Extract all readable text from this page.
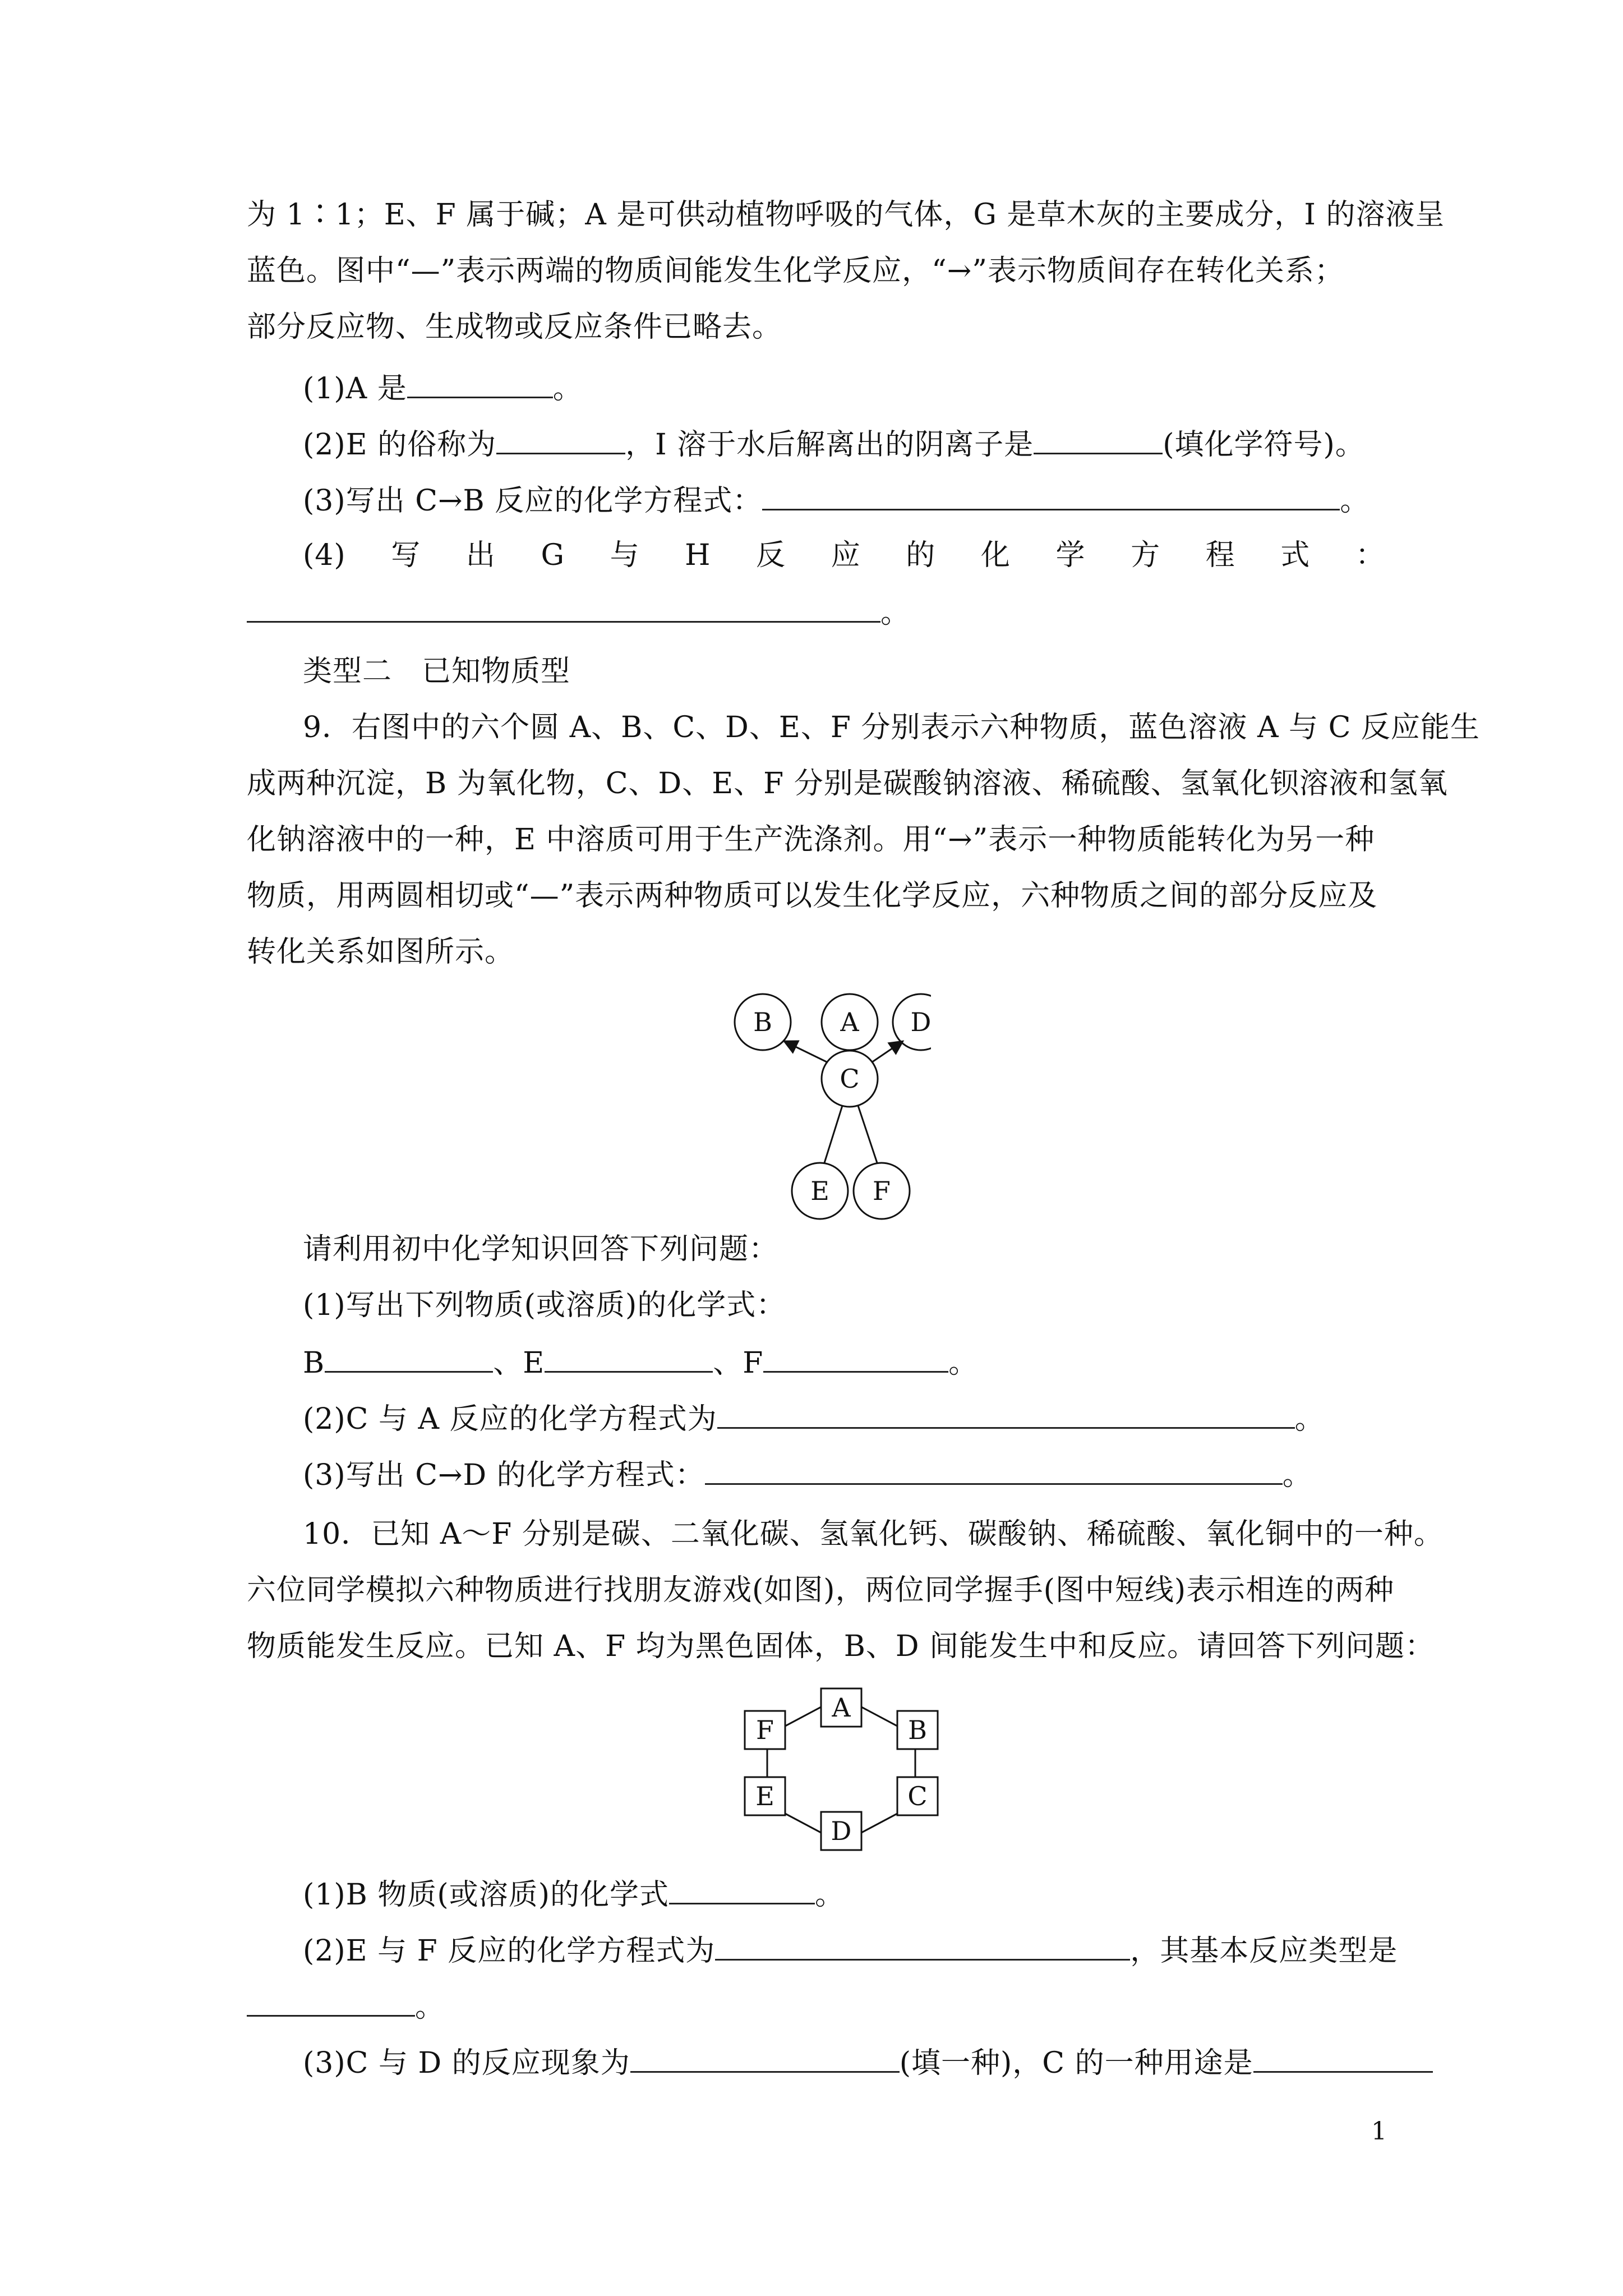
为 1∶1；E、F 属于碱；A 是可供动植物呼吸的气体，G 是草木灰的主要成分，I 的溶液呈
蓝色。图中“—”表示两端的物质间能发生化学反应，“→”表示物质间存在转化关系；
部分反应物、生成物或反应条件已略去。
(1)A 是	。
(2)E 的俗称为	，I 溶于水后解离出的阴离子是	(填化学符号)。
(3)写出 C→B 反应的化学方程式：	。
(4) 写 出 G 与 H 反 应 的 化 学 方 程 式 ：
。
类型二　已知物质型
9．右图中的六个圆 A、B、C、D、E、F 分别表示六种物质，蓝色溶液 A 与 C 反应能生
成两种沉淀，B 为氧化物，C、D、E、F 分别是碳酸钠溶液、稀硫酸、氢氧化钡溶液和氢氧
化钠溶液中的一种，E 中溶质可用于生产洗涤剂。用“→”表示一种物质能转化为另一种
物质，用两圆相切或“—”表示两种物质可以发生化学反应，六种物质之间的部分反应及
转化关系如图所示。
B	A D
C
E F
请利用初中化学知识回答下列问题：
(1)写出下列物质(或溶质)的化学式：
B	、E	、F	。
(2)C 与 A 反应的化学方程式为	。
(3)写出 C→D 的化学方程式：	。
10．已知 A～F 分别是碳、二氧化碳、氢氧化钙、碳酸钠、稀硫酸、氧化铜中的一种。
六位同学模拟六种物质进行找朋友游戏(如图)，两位同学握手(图中短线)表示相连的两种
物质能发生反应。已知 A、F 均为黑色固体，B、D 间能发生中和反应。请回答下列问题：
A
B
C
D
E
F
(1)B 物质(或溶质)的化学式	。
(2)E 与 F 反应的化学方程式为	，其基本反应类型是
。
(3)C 与 D 的反应现象为	(填一种)，C 的一种用途是
1
